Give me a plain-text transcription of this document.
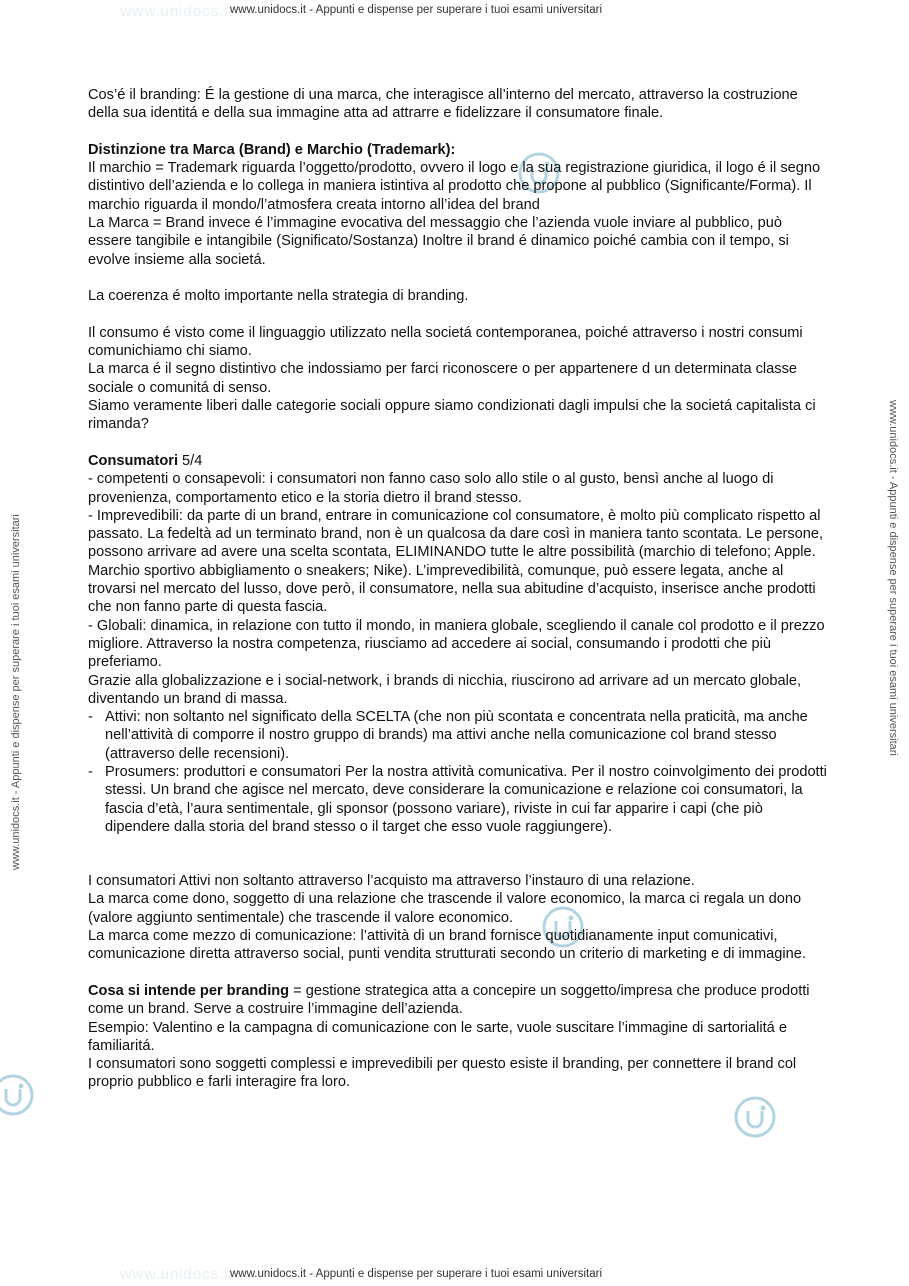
www.unidocs.it
www.unidocs.it - Appunti e dispense per superare i tuoi esami universitari
www.unidocs.it
www.unidocs.it - Appunti e dispense per superare i tuoi esami universitari
www.unidocs.it - Appunti e dispense per superare i tuoi esami universitari	www.unidocs.it - Appunti e dispense per superare i tuoi esami universitari

Cos’é il branding: É la gestione di una marca, che interagisce all’interno del mercato, attraverso la costruzione della sua identitá e della sua immagine atta ad attrarre e fidelizzare il consumatore finale.

Distinzione tra Marca (Brand) e Marchio (Trademark):

Il marchio = Trademark riguarda l’oggetto/prodotto, ovvero il logo e la sua registrazione giuridica, il logo é il segno distintivo dell’azienda e lo collega in maniera istintiva al prodotto che propone al pubblico (Significante/Forma). Il marchio riguarda il mondo/l’atmosfera creata intorno all’idea del brand

La Marca = Brand invece é l’immagine evocativa del messaggio che l’azienda vuole inviare al pubblico, può essere tangibile e intangibile (Significato/Sostanza) Inoltre il brand é dinamico poiché cambia con il tempo, si evolve insieme alla societá.

La coerenza é molto importante nella strategia di branding.

Il consumo é visto come il linguaggio utilizzato nella societá contemporanea, poiché attraverso i nostri consumi comunichiamo chi siamo.

La marca é il segno distintivo che indossiamo per farci riconoscere o per appartenere d un determinata classe sociale o comunitá di senso.

Siamo veramente liberi dalle categorie sociali oppure siamo condizionati dagli impulsi che la societá capitalista ci rimanda?

Consumatori 5/4

- competenti o consapevoli: i consumatori non fanno caso solo allo stile o al gusto, bensì anche al luogo di provenienza, comportamento etico e la storia dietro il brand stesso.

- Imprevedibili: da parte di un brand, entrare in comunicazione col consumatore, è molto più complicato rispetto al passato. La fedeltà ad un terminato brand, non è un qualcosa da dare così in maniera tanto scontata. Le persone, possono arrivare ad avere una scelta scontata, ELIMINANDO tutte le altre possibilità (marchio di telefono; Apple. Marchio sportivo abbigliamento o sneakers; Nike). L’imprevedibilità, comunque, può essere legata, anche al trovarsi nel mercato del lusso, dove però, il consumatore, nella sua abitudine d’acquisto, inserisce anche prodotti che non fanno parte di questa fascia.

- Globali: dinamica, in relazione con tutto il mondo, in maniera globale, scegliendo il canale col prodotto e il prezzo migliore. Attraverso la nostra competenza, riusciamo ad accedere ai social, consumando i prodotti che più preferiamo.

Grazie alla globalizzazione e i social-network, i brands di nicchia, riuscirono ad arrivare ad un mercato globale, diventando un brand di massa.

- Attivi: non soltanto nel significato della SCELTA (che non più scontata e concentrata nella praticità, ma anche nell’attività di comporre il nostro gruppo di brands) ma attivi anche nella comunicazione col brand stesso (attraverso delle recensioni).
- Prosumers: produttori e consumatori Per la nostra attività comunicativa. Per il nostro coinvolgimento dei prodotti stessi. Un brand che agisce nel mercato, deve considerare la comunicazione e relazione coi consumatori, la fascia d’età, l’aura sentimentale, gli sponsor (possono variare), riviste in cui far apparire i capi (che piò dipendere dalla storia del brand stesso o il target che esso vuole raggiungere).

I consumatori Attivi non soltanto attraverso l’acquisto ma attraverso l’instauro di una relazione.

La marca come dono, soggetto di una relazione che trascende il valore economico, la marca ci regala un dono (valore aggiunto sentimentale) che trascende il valore economico.

La marca come mezzo di comunicazione: l’attività di un brand fornisce quotidianamente input comunicativi, comunicazione diretta attraverso social, punti vendita strutturati secondo un criterio di marketing e di immagine.

Cosa si intende per branding = gestione strategica atta a concepire un soggetto/impresa che produce prodotti come un brand. Serve a costruire l’immagine dell’azienda.

Esempio: Valentino e la campagna di comunicazione con le sarte, vuole suscitare l’immagine di sartorialitá e familiaritá.

I consumatori sono soggetti complessi e imprevedibili per questo esiste il branding, per connettere il brand col proprio pubblico e farli interagire fra loro.
